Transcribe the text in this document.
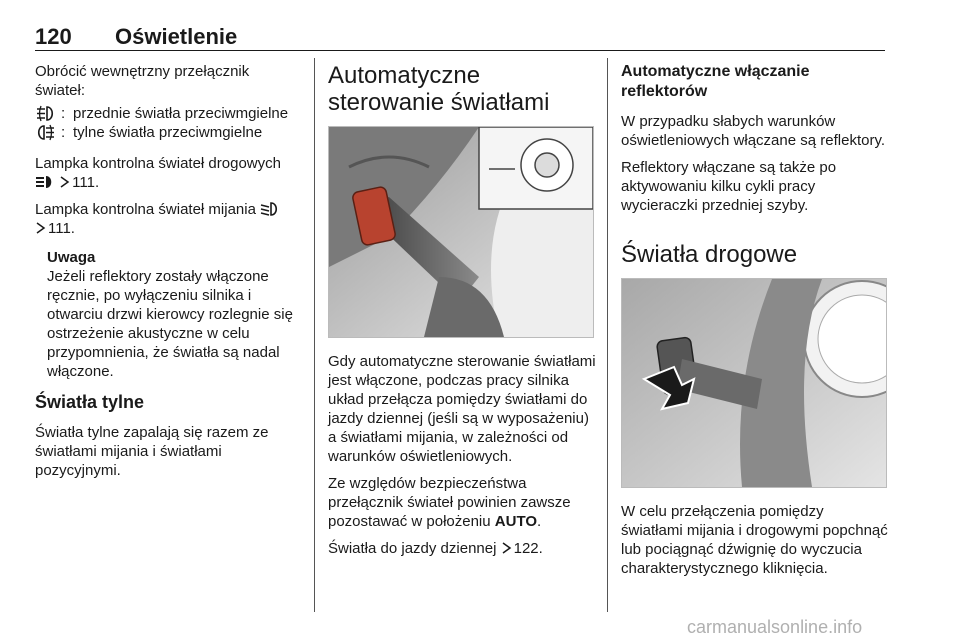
120 Oświetlenie

Obrócić wewnętrzny przełącznik świateł:

: przednie światła przeciwmgielne
: tylne światła przeciwmgielne

Lampka kontrolna świateł drogowych  111.

Lampka kontrolna świateł mijania
111.

Uwaga

Jeżeli reflektory zostały włączone ręcznie, po wyłączeniu silnika i otwarciu drzwi kierowcy rozlegnie się ostrzeżenie akustyczne w celu przypomnienia, że światła są nadal włączone.

Światła tylne

Światła tylne zapalają się razem ze światłami mijania i światłami pozycyjnymi.

Automatyczne sterowanie światłami

Gdy automatyczne sterowanie światłami jest włączone, podczas pracy silnika układ przełącza pomiędzy światłami do jazdy dziennej (jeśli są w wyposażeniu) a światłami mijania, w zależności od warunków oświetleniowych.

Ze względów bezpieczeństwa przełącznik świateł powinien zawsze pozostawać w położeniu AUTO.

Światła do jazdy dziennej 122.

Automatyczne włączanie reflektorów

W przypadku słabych warunków oświetleniowych włączane są reflektory.

Reflektory włączane są także po aktywowaniu kilku cykli pracy wycieraczki przedniej szyby.

Światła drogowe

W celu przełączenia pomiędzy światłami mijania i drogowymi popchnąć lub pociągnąć dźwignię do wyczucia charakterystycznego kliknięcia.

carmanualsonline.info
